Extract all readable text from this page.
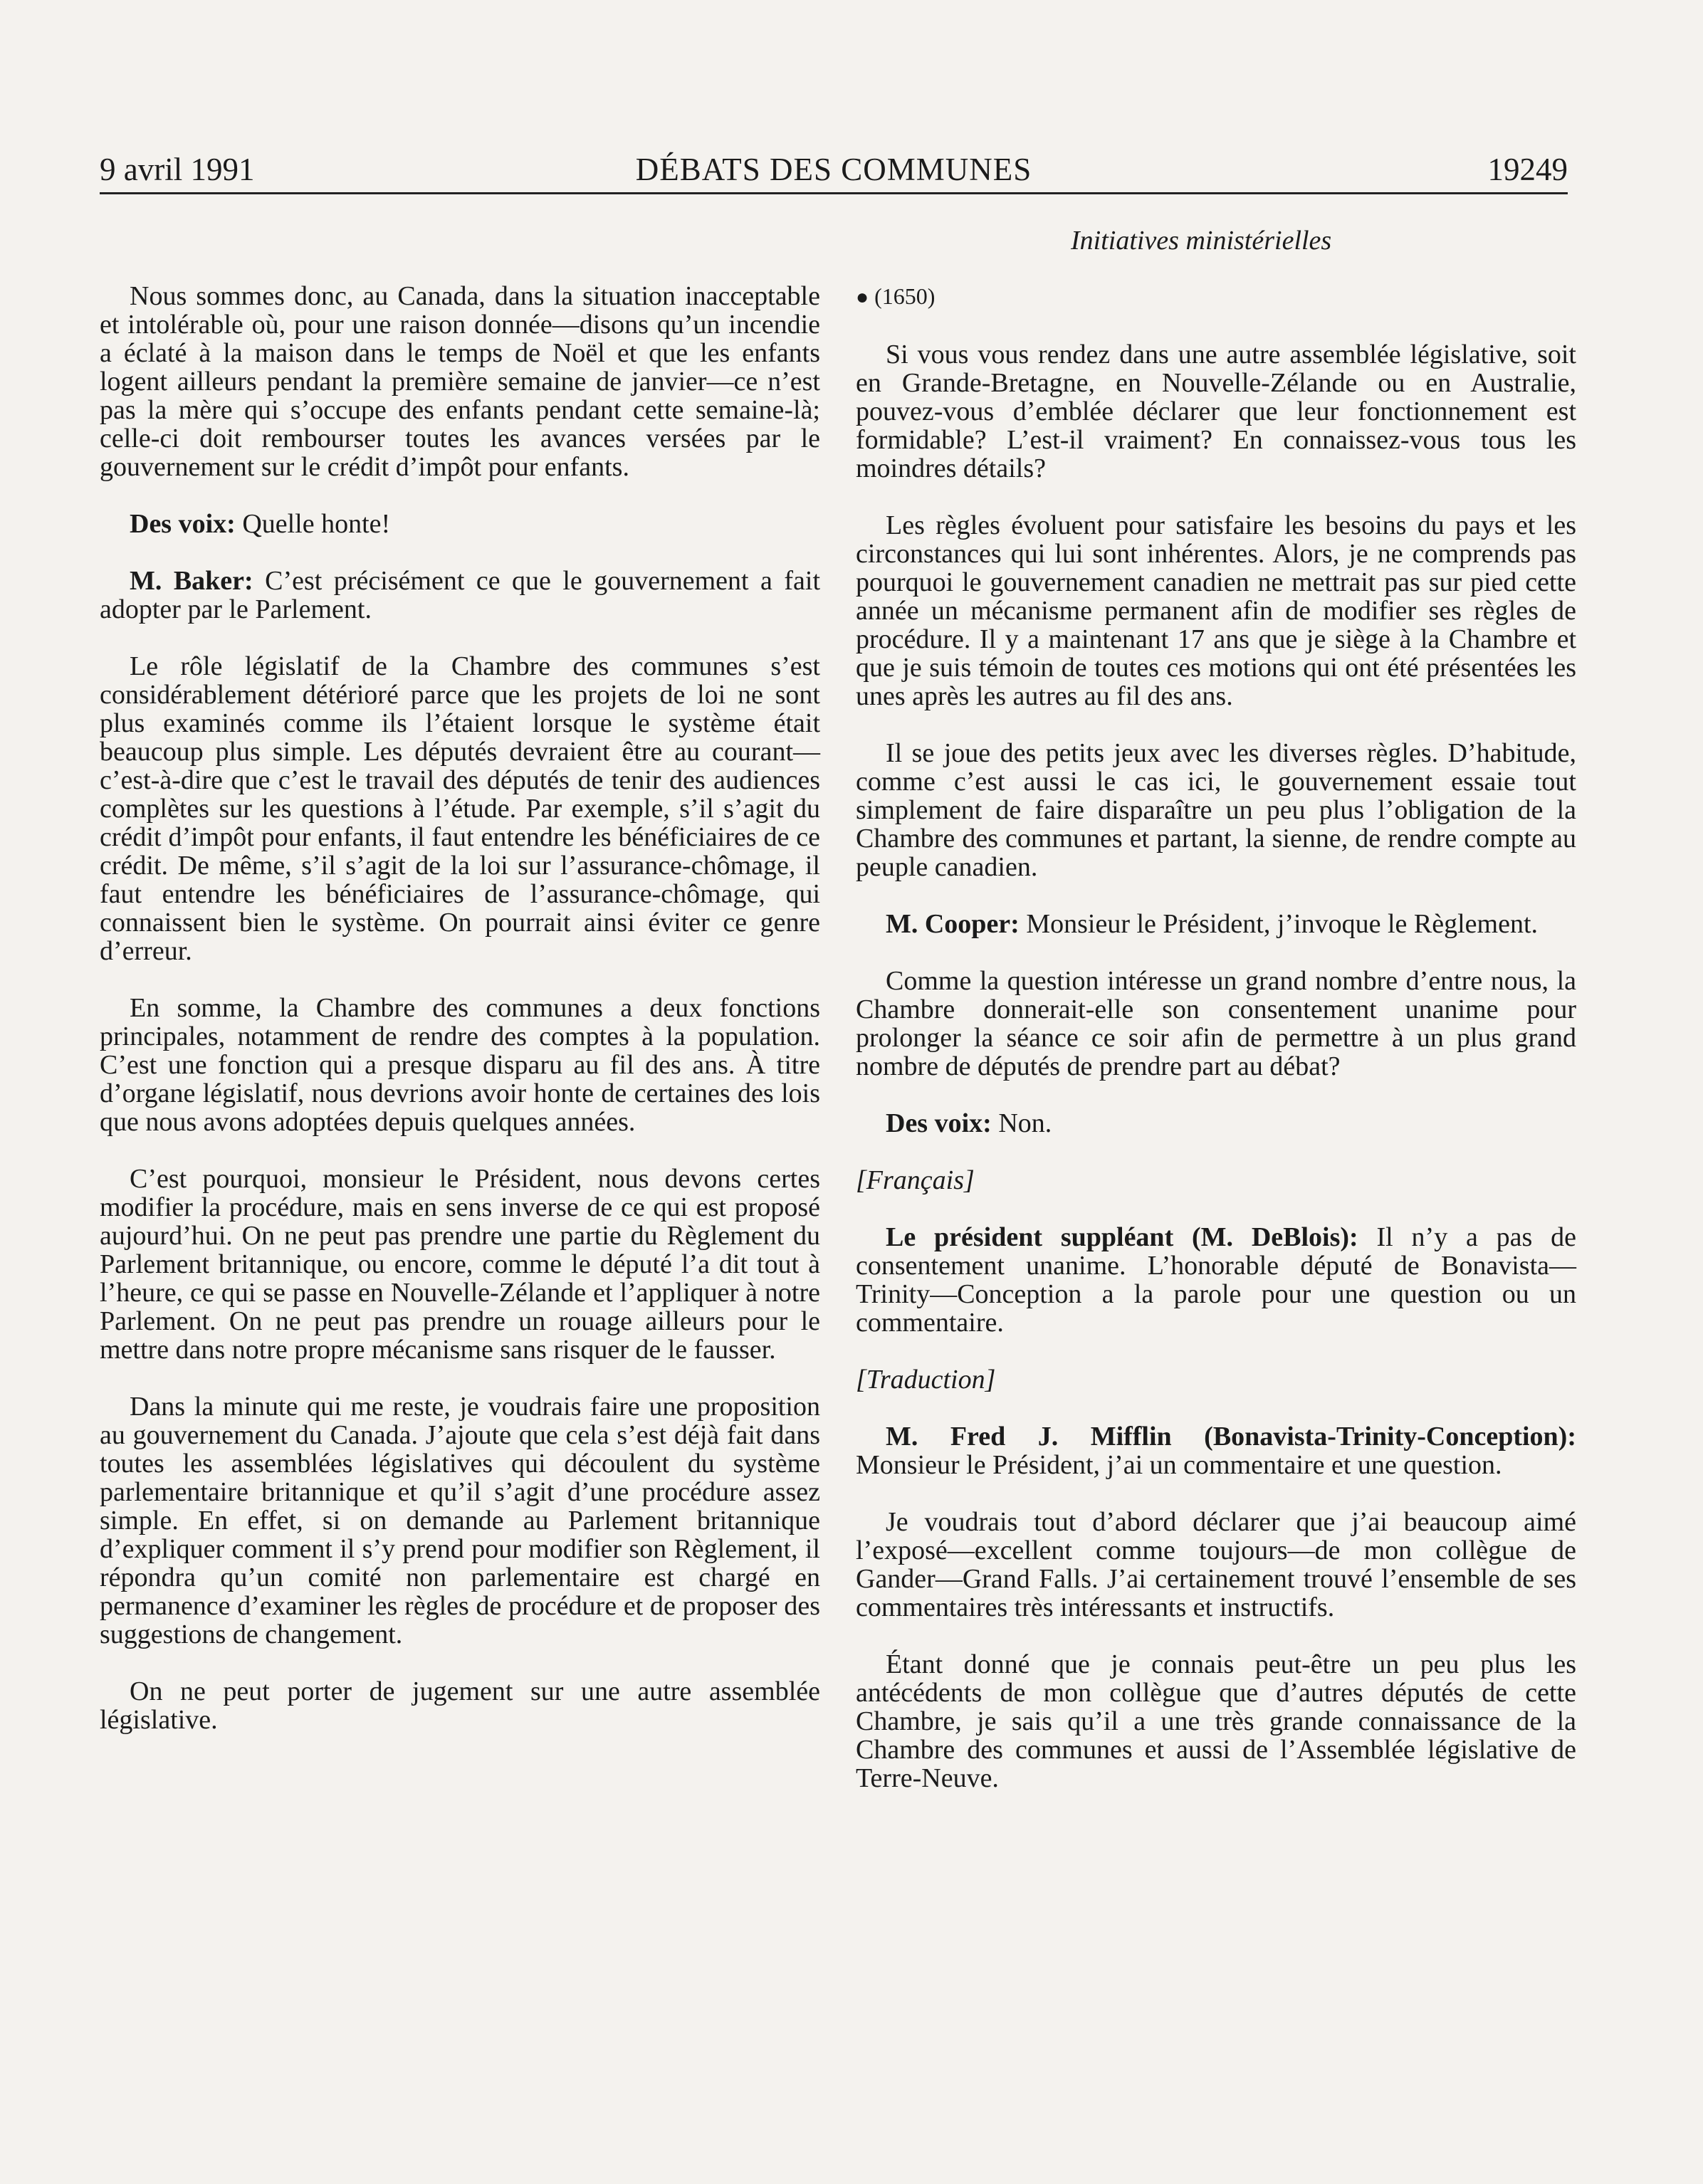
9 avril 1991	DÉBATS DES COMMUNES	19249
Initiatives ministérielles

Nous sommes donc, au Canada, dans la situation inacceptable et intolérable où, pour une raison donnée—disons qu’un incendie a éclaté à la maison dans le temps de Noël et que les enfants logent ailleurs pendant la première semaine de janvier—ce n’est pas la mère qui s’occupe des enfants pendant cette semaine-là; celle-ci doit rembourser toutes les avances versées par le gouvernement sur le crédit d’impôt pour enfants.

Des voix: Quelle honte!

M. Baker: C’est précisément ce que le gouvernement a fait adopter par le Parlement.

Le rôle législatif de la Chambre des communes s’est considérablement détérioré parce que les projets de loi ne sont plus examinés comme ils l’étaient lorsque le système était beaucoup plus simple. Les députés devraient être au courant—c’est-à-dire que c’est le travail des députés de tenir des audiences complètes sur les questions à l’étude. Par exemple, s’il s’agit du crédit d’impôt pour enfants, il faut entendre les bénéficiaires de ce crédit. De même, s’il s’agit de la loi sur l’assurance-chômage, il faut entendre les bénéficiaires de l’assurance-chômage, qui connaissent bien le système. On pourrait ainsi éviter ce genre d’erreur.

En somme, la Chambre des communes a deux fonctions principales, notamment de rendre des comptes à la population. C’est une fonction qui a presque disparu au fil des ans. À titre d’organe législatif, nous devrions avoir honte de certaines des lois que nous avons adoptées depuis quelques années.

C’est pourquoi, monsieur le Président, nous devons certes modifier la procédure, mais en sens inverse de ce qui est proposé aujourd’hui. On ne peut pas prendre une partie du Règlement du Parlement britannique, ou encore, comme le député l’a dit tout à l’heure, ce qui se passe en Nouvelle-Zélande et l’appliquer à notre Parlement. On ne peut pas prendre un rouage ailleurs pour le mettre dans notre propre mécanisme sans risquer de le fausser.

Dans la minute qui me reste, je voudrais faire une proposition au gouvernement du Canada. J’ajoute que cela s’est déjà fait dans toutes les assemblées législatives qui découlent du système parlementaire britannique et qu’il s’agit d’une procédure assez simple. En effet, si on demande au Parlement britannique d’expliquer comment il s’y prend pour modifier son Règlement, il répondra qu’un comité non parlementaire est chargé en permanence d’examiner les règles de procédure et de proposer des suggestions de changement.

On ne peut porter de jugement sur une autre assemblée législative.

● (1650)

Si vous vous rendez dans une autre assemblée législative, soit en Grande-Bretagne, en Nouvelle-Zélande ou en Australie, pouvez-vous d’emblée déclarer que leur fonctionnement est formidable? L’est-il vraiment? En connaissez-vous tous les moindres détails?

Les règles évoluent pour satisfaire les besoins du pays et les circonstances qui lui sont inhérentes. Alors, je ne comprends pas pourquoi le gouvernement canadien ne mettrait pas sur pied cette année un mécanisme permanent afin de modifier ses règles de procédure. Il y a maintenant 17 ans que je siège à la Chambre et que je suis témoin de toutes ces motions qui ont été présentées les unes après les autres au fil des ans.

Il se joue des petits jeux avec les diverses règles. D’habitude, comme c’est aussi le cas ici, le gouvernement essaie tout simplement de faire disparaître un peu plus l’obligation de la Chambre des communes et partant, la sienne, de rendre compte au peuple canadien.

M. Cooper: Monsieur le Président, j’invoque le Règlement.

Comme la question intéresse un grand nombre d’entre nous, la Chambre donnerait-elle son consentement unanime pour prolonger la séance ce soir afin de permettre à un plus grand nombre de députés de prendre part au débat?

Des voix: Non.

[Français]

Le président suppléant (M. DeBlois): Il n’y a pas de consentement unanime. L’honorable député de Bonavista—Trinity—Conception a la parole pour une question ou un commentaire.

[Traduction]

M. Fred J. Mifflin (Bonavista-Trinity-Conception): Monsieur le Président, j’ai un commentaire et une question.

Je voudrais tout d’abord déclarer que j’ai beaucoup aimé l’exposé—excellent comme toujours—de mon collègue de Gander—Grand Falls. J’ai certainement trouvé l’ensemble de ses commentaires très intéressants et instructifs.

Étant donné que je connais peut-être un peu plus les antécédents de mon collègue que d’autres députés de cette Chambre, je sais qu’il a une très grande connaissance de la Chambre des communes et aussi de l’Assemblée législative de Terre-Neuve.
